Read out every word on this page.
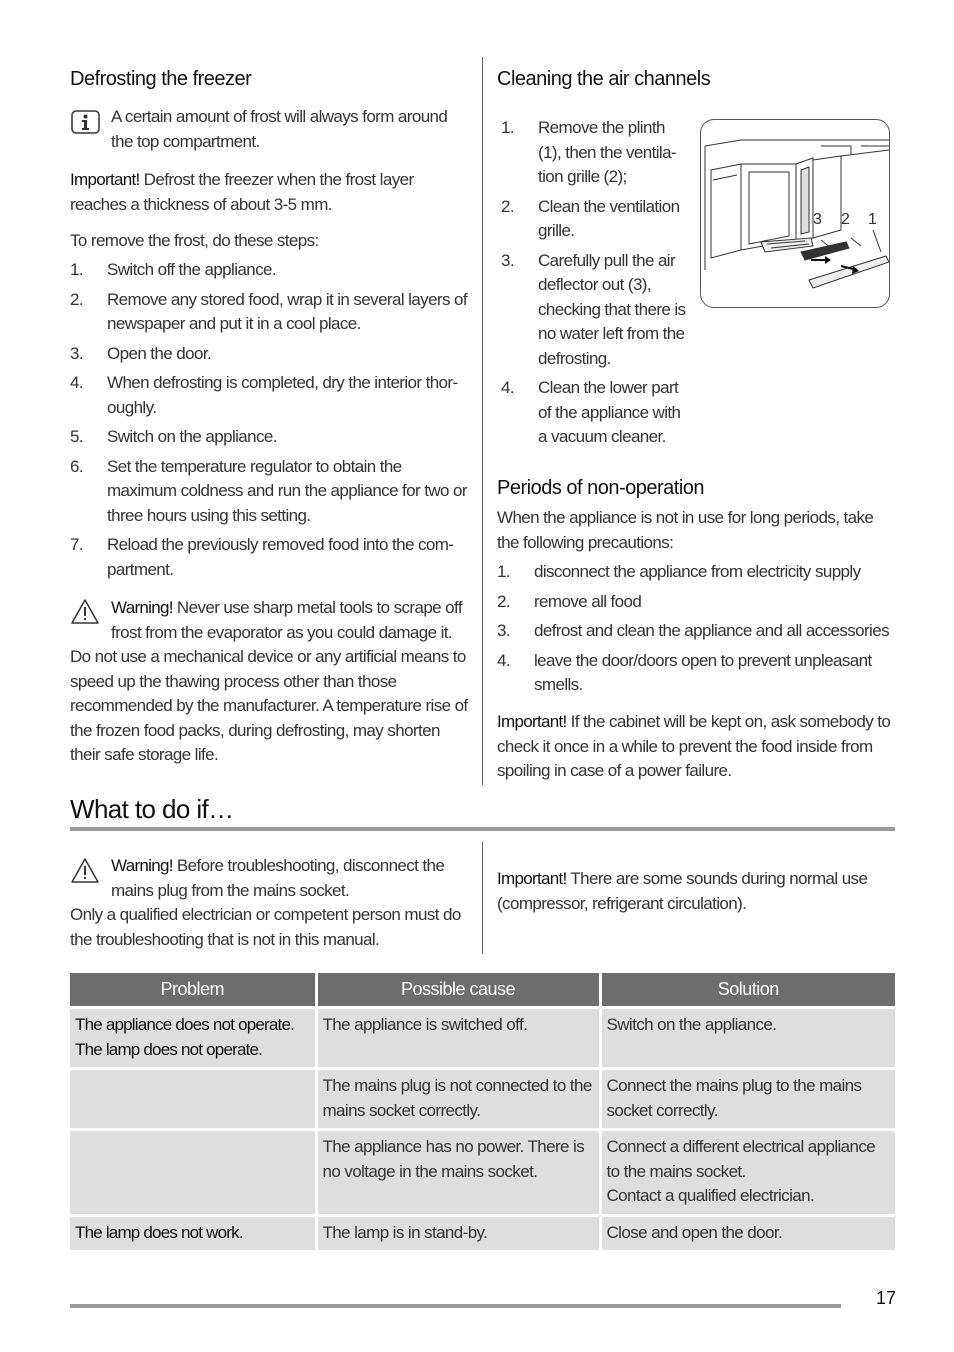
Defrosting the freezer
A certain amount of frost will always form around the top compartment.
Important! Defrost the freezer when the frost layer reaches a thickness of about 3-5 mm.
To remove the frost, do these steps:
1. Switch off the appliance.
2. Remove any stored food, wrap it in several layers of newspaper and put it in a cool place.
3. Open the door.
4. When defrosting is completed, dry the interior thor-oughly.
5. Switch on the appliance.
6. Set the temperature regulator to obtain the maximum coldness and run the appliance for two or three hours using this setting.
7. Reload the previously removed food into the com-partment.
Warning! Never use sharp metal tools to scrape off frost from the evaporator as you could damage it.
Do not use a mechanical device or any artificial means to speed up the thawing process other than those recommended by the manufacturer. A temperature rise of the frozen food packs, during defrosting, may shorten their safe storage life.
Cleaning the air channels
1. Remove the plinth (1), then the ventila-tion grille (2);
2. Clean the ventilation grille.
3. Carefully pull the air deflector out (3), checking that there is no water left from the defrosting.
4. Clean the lower part of the appliance with a vacuum cleaner.
3 2 1
Periods of non-operation
When the appliance is not in use for long periods, take the following precautions:
1. disconnect the appliance from electricity supply
2. remove all food
3. defrost and clean the appliance and all accessories
4. leave the door/doors open to prevent unpleasant smells.
Important! If the cabinet will be kept on, ask somebody to check it once in a while to prevent the food inside from spoiling in case of a power failure.
What to do if…
Warning! Before troubleshooting, disconnect the mains plug from the mains socket.
Only a qualified electrician or competent person must do the troubleshooting that is not in this manual.
Important! There are some sounds during normal use (compressor, refrigerant circulation).
Problem	Possible cause	Solution
The appliance does not operate. The lamp does not operate.	The appliance is switched off.	Switch on the appliance.
	The mains plug is not connected to the mains socket correctly.	Connect the mains plug to the mains socket correctly.
	The appliance has no power. There is no voltage in the mains socket.	Connect a different electrical appliance to the mains socket.
Contact a qualified electrician.
The lamp does not work.	The lamp is in stand-by.	Close and open the door.
17
